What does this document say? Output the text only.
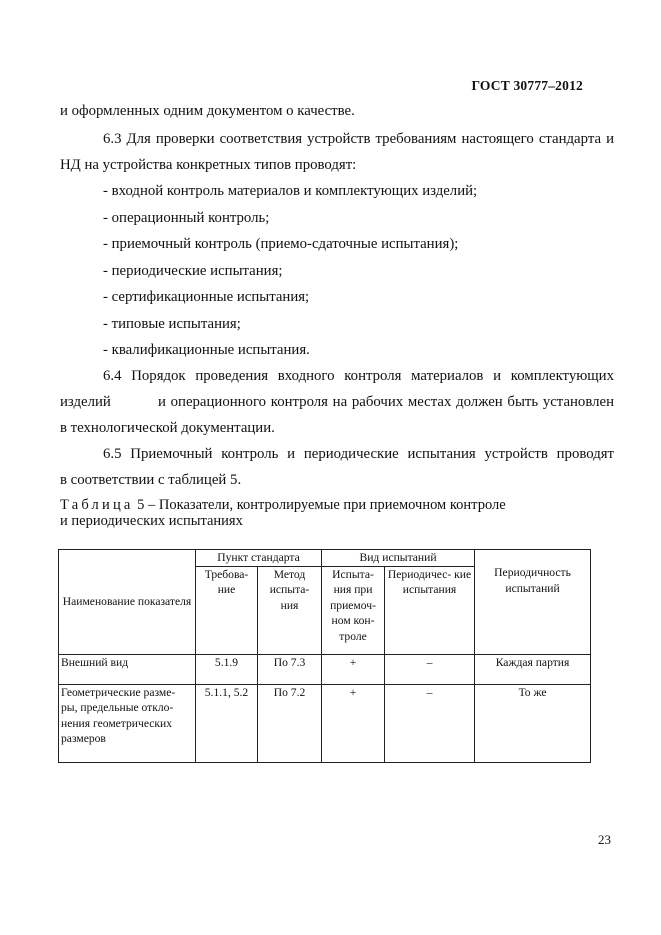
ГОСТ 30777–2012
и оформленных одним документом о качестве.
6.3 Для проверки соответствия устройств требованиям настоящего стандарта и
НД на устройства конкретных типов проводят:
- входной контроль материалов и комплектующих изделий;
- операционный контроль;
- приемочный контроль (приемо-сдаточные испытания);
- периодические испытания;
- сертификационные испытания;
- типовые испытания;
- квалификационные испытания.
6.4 Порядок проведения входного контроля материалов и комплектующих
изделий          и операционного контроля на рабочих местах должен быть установлен
в технологической документации.
6.5 Приемочный контроль и периодические испытания устройств проводят
в соответствии с таблицей 5.
Таблица 5 – Показатели, контролируемые при приемочном контроле
и периодических испытаниях
Наименование показателя	Пункт стандарта		Вид испытаний		Периодичность испытаний
	Требова- ние	Метод испыта- ния	Испыта- ния при приемоч- ном кон- троле	Периодичес- кие испытания	
Внешний вид	5.1.9	По 7.3	+	–	Каждая партия
Геометрические разме- ры, предельные откло- нения геометрических размеров	5.1.1, 5.2	По 7.2	+	–	То же
23
